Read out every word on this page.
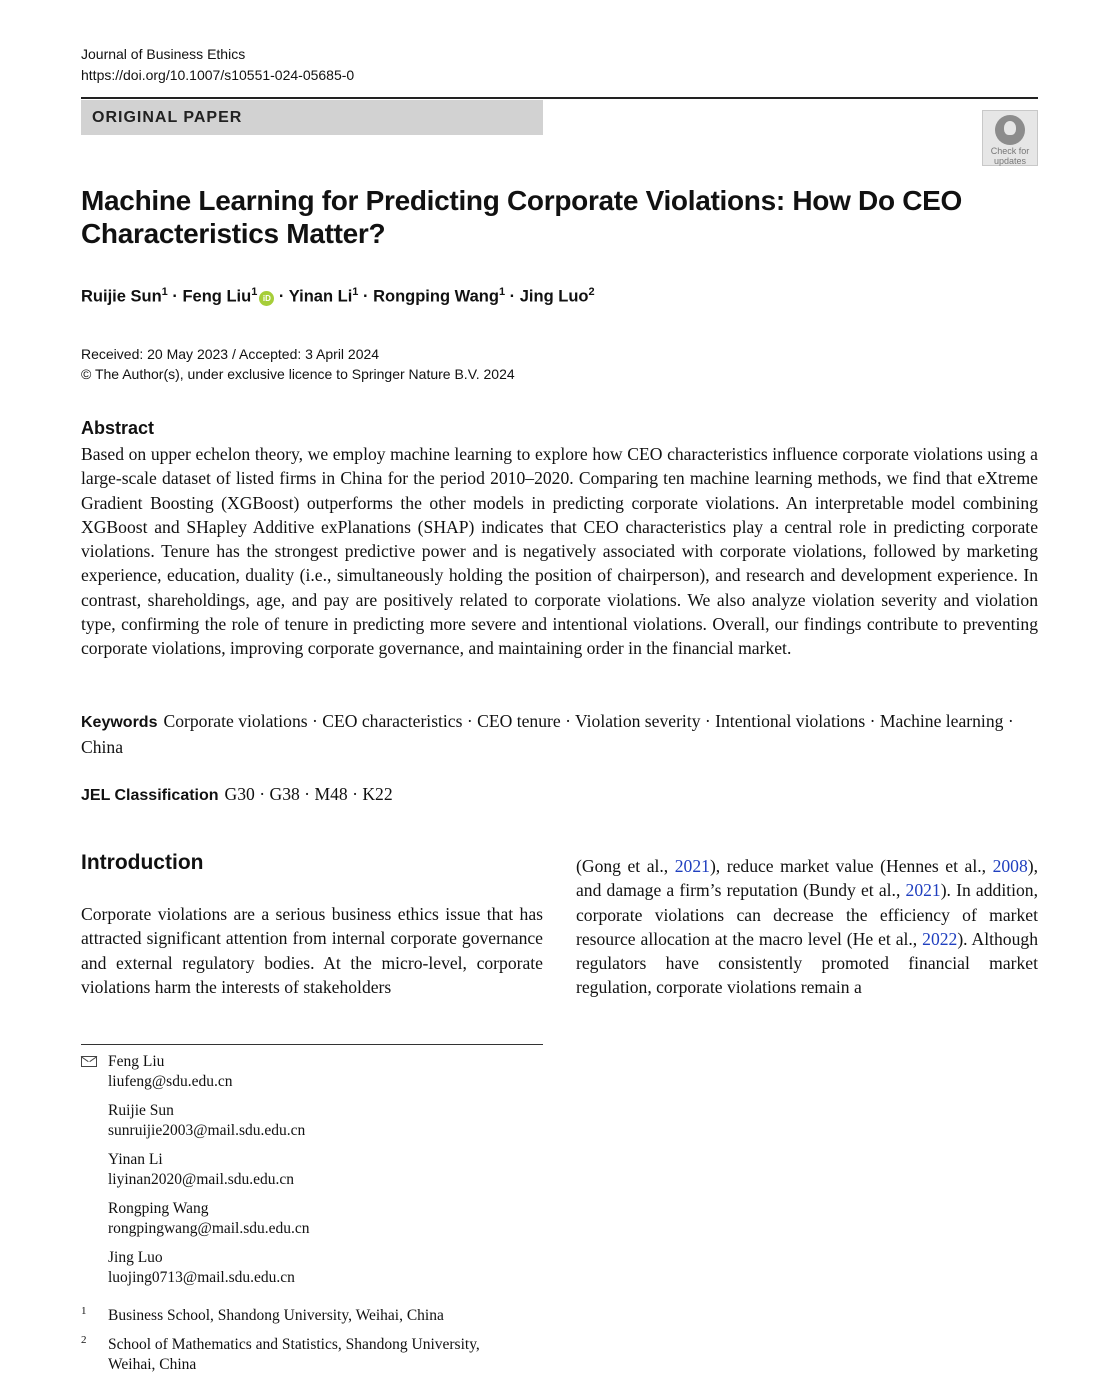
Journal of Business Ethics
https://doi.org/10.1007/s10551-024-05685-0
ORIGINAL PAPER
Check for updates
Machine Learning for Predicting Corporate Violations: How Do CEO Characteristics Matter?
Ruijie Sun$^1$ · Feng Liu$^1$ iD · Yinan $Li^1$ · Rongping Wang$^1$ · Jing Luo$^2$
Received: 20 May 2023 / Accepted: 3 April 2024
© The Author(s), under exclusive licence to Springer Nature B.V. 2024
Abstract
Based on upper echelon theory, we employ machine learning to explore how CEO characteristics influence corporate violations using a large-scale dataset of listed firms in China for the period 2010–2020. Comparing ten machine learning methods, we find that eXtreme Gradient Boosting (XGBoost) outperforms the other models in predicting corporate violations. An interpretable model combining XGBoost and SHapley Additive exPlanations (SHAP) indicates that CEO characteristics play a central role in predicting corporate violations. Tenure has the strongest predictive power and is negatively associated with corporate violations, followed by marketing experience, education, duality (i.e., simultaneously holding the position of chairperson), and research and development experience. In contrast, shareholdings, age, and pay are positively related to corporate violations. We also analyze violation severity and violation type, confirming the role of tenure in predicting more severe and intentional violations. Overall, our findings contribute to preventing corporate violations, improving corporate governance, and maintaining order in the financial market.
Keywords Corporate violations · CEO characteristics · CEO tenure · Violation severity · Intentional violations · Machine learning · China
JEL Classification G30 · G38 · M48 · K22
Introduction
Corporate violations are a serious business ethics issue that has attracted significant attention from internal corporate governance and external regulatory bodies. At the micro-level, corporate violations harm the interests of stakeholders
(Gong et al., 2021), reduce market value (Hennes et al., 2008), and damage a firm’s reputation (Bundy et al., 2021). In addition, corporate violations can decrease the efficiency of market resource allocation at the macro level (He et al., 2022). Although regulators have consistently promoted financial market regulation, corporate violations remain a
Feng Liu
liufeng@sdu.edu.cn
Ruijie Sun
sunruijie2003@mail.sdu.edu.cn
Yinan Li
liyinan2020@mail.sdu.edu.cn
Rongping Wang
rongpingwang@mail.sdu.edu.cn
Jing Luo
luojing0713@mail.sdu.edu.cn
1 Business School, Shandong University, Weihai, China
2 School of Mathematics and Statistics, Shandong University, Weihai, China
